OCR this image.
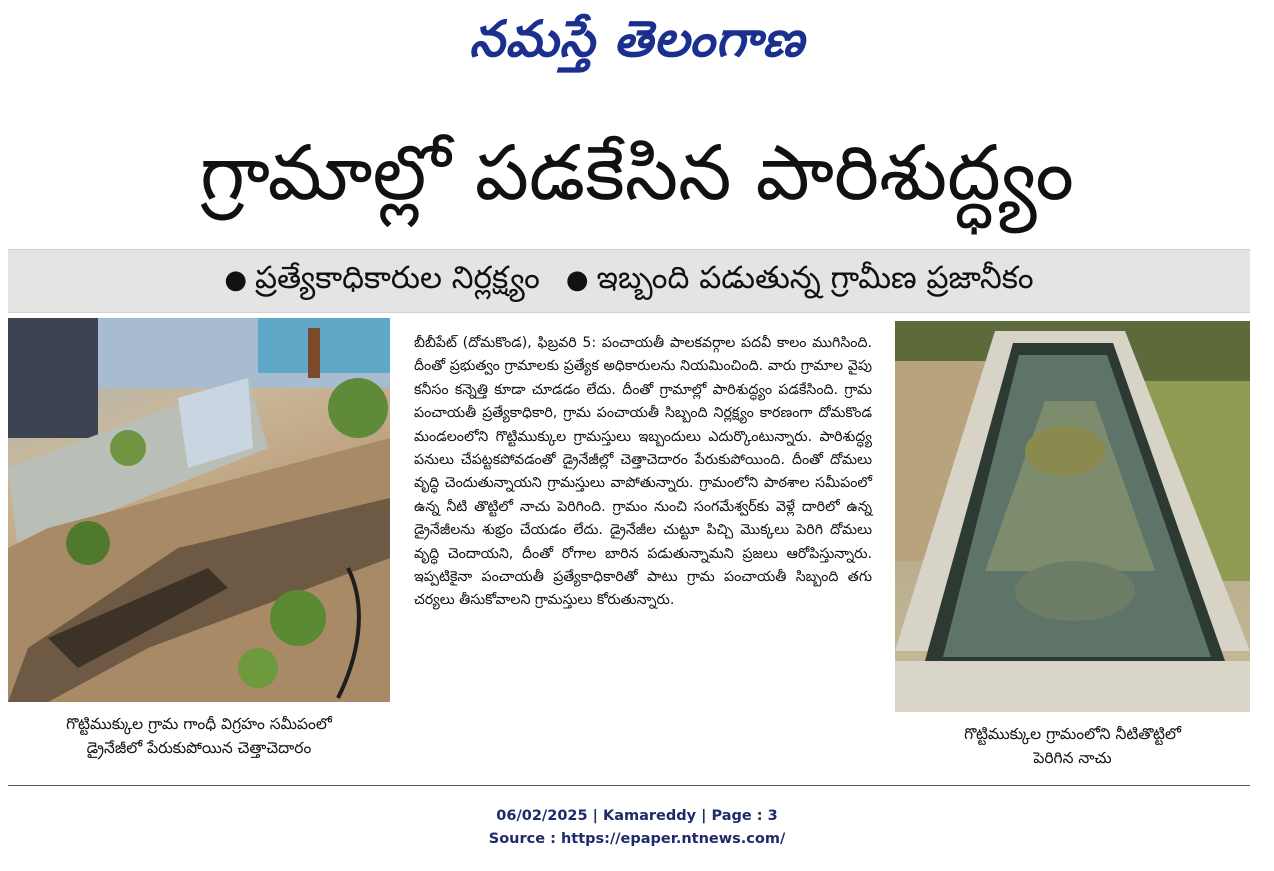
నమస్తే తెలంగాణ
గ్రామాల్లో పడకేసిన పారిశుద్ధ్యం
● ప్రత్యేకాధికారుల నిర్లక్ష్యం ● ఇబ్బంది పడుతున్న గ్రామీణ ప్రజానీకం
గొట్టిముక్కుల గ్రామ గాంధీ విగ్రహం సమీపంలో
డ్రైనేజీలో పేరుకుపోయిన చెత్తాచెదారం
బీబీపేట్ (దోమకొండ), ఫిబ్రవరి 5: పంచాయతీ పాలకవర్గాల పదవీ కాలం ముగిసింది. దీంతో ప్రభుత్వం గ్రామాలకు ప్రత్యేక అధికారులను నియమించింది. వారు గ్రామాల వైపు కనీసం కన్నెత్తి కూడా చూడడం లేదు. దీంతో గ్రామాల్లో పారిశుద్ధ్యం పడకేసింది. గ్రామ పంచాయతీ ప్రత్యేకాధికారి, గ్రామ పంచాయతీ సిబ్బంది నిర్లక్ష్యం కారణంగా దోమకొండ మండలంలోని గొట్టిముక్కుల గ్రామస్తులు ఇబ్బందులు ఎదుర్కొంటున్నారు. పారిశుద్ధ్య పనులు చేపట్టకపోవడంతో డ్రైనేజీల్లో చెత్తాచెదారం పేరుకుపోయింది. దీంతో దోమలు వృద్ధి చెందుతున్నాయని గ్రామస్తులు వాపోతున్నారు. గ్రామంలోని పాఠశాల సమీపంలో ఉన్న నీటి తొట్టిలో నాచు పెరిగింది. గ్రామం నుంచి సంగమేశ్వర్‌కు వెళ్లే దారిలో ఉన్న డ్రైనేజీలను శుభ్రం చేయడం లేదు. డ్రైనేజీల చుట్టూ పిచ్చి మొక్కలు పెరిగి దోమలు వృద్ధి చెందాయని, దీంతో రోగాల బారిన పడుతున్నామని ప్రజలు ఆరోపిస్తున్నారు. ఇప్పటికైనా పంచాయతీ ప్రత్యేకాధికారితో పాటు గ్రామ పంచాయతీ సిబ్బంది తగు చర్యలు తీసుకోవాలని గ్రామస్తులు కోరుతున్నారు.
గొట్టిముక్కుల గ్రామంలోని నీటితొట్టిలో
పెరిగిన నాచు
06/02/2025 | Kamareddy | Page : 3
Source : https://epaper.ntnews.com/
